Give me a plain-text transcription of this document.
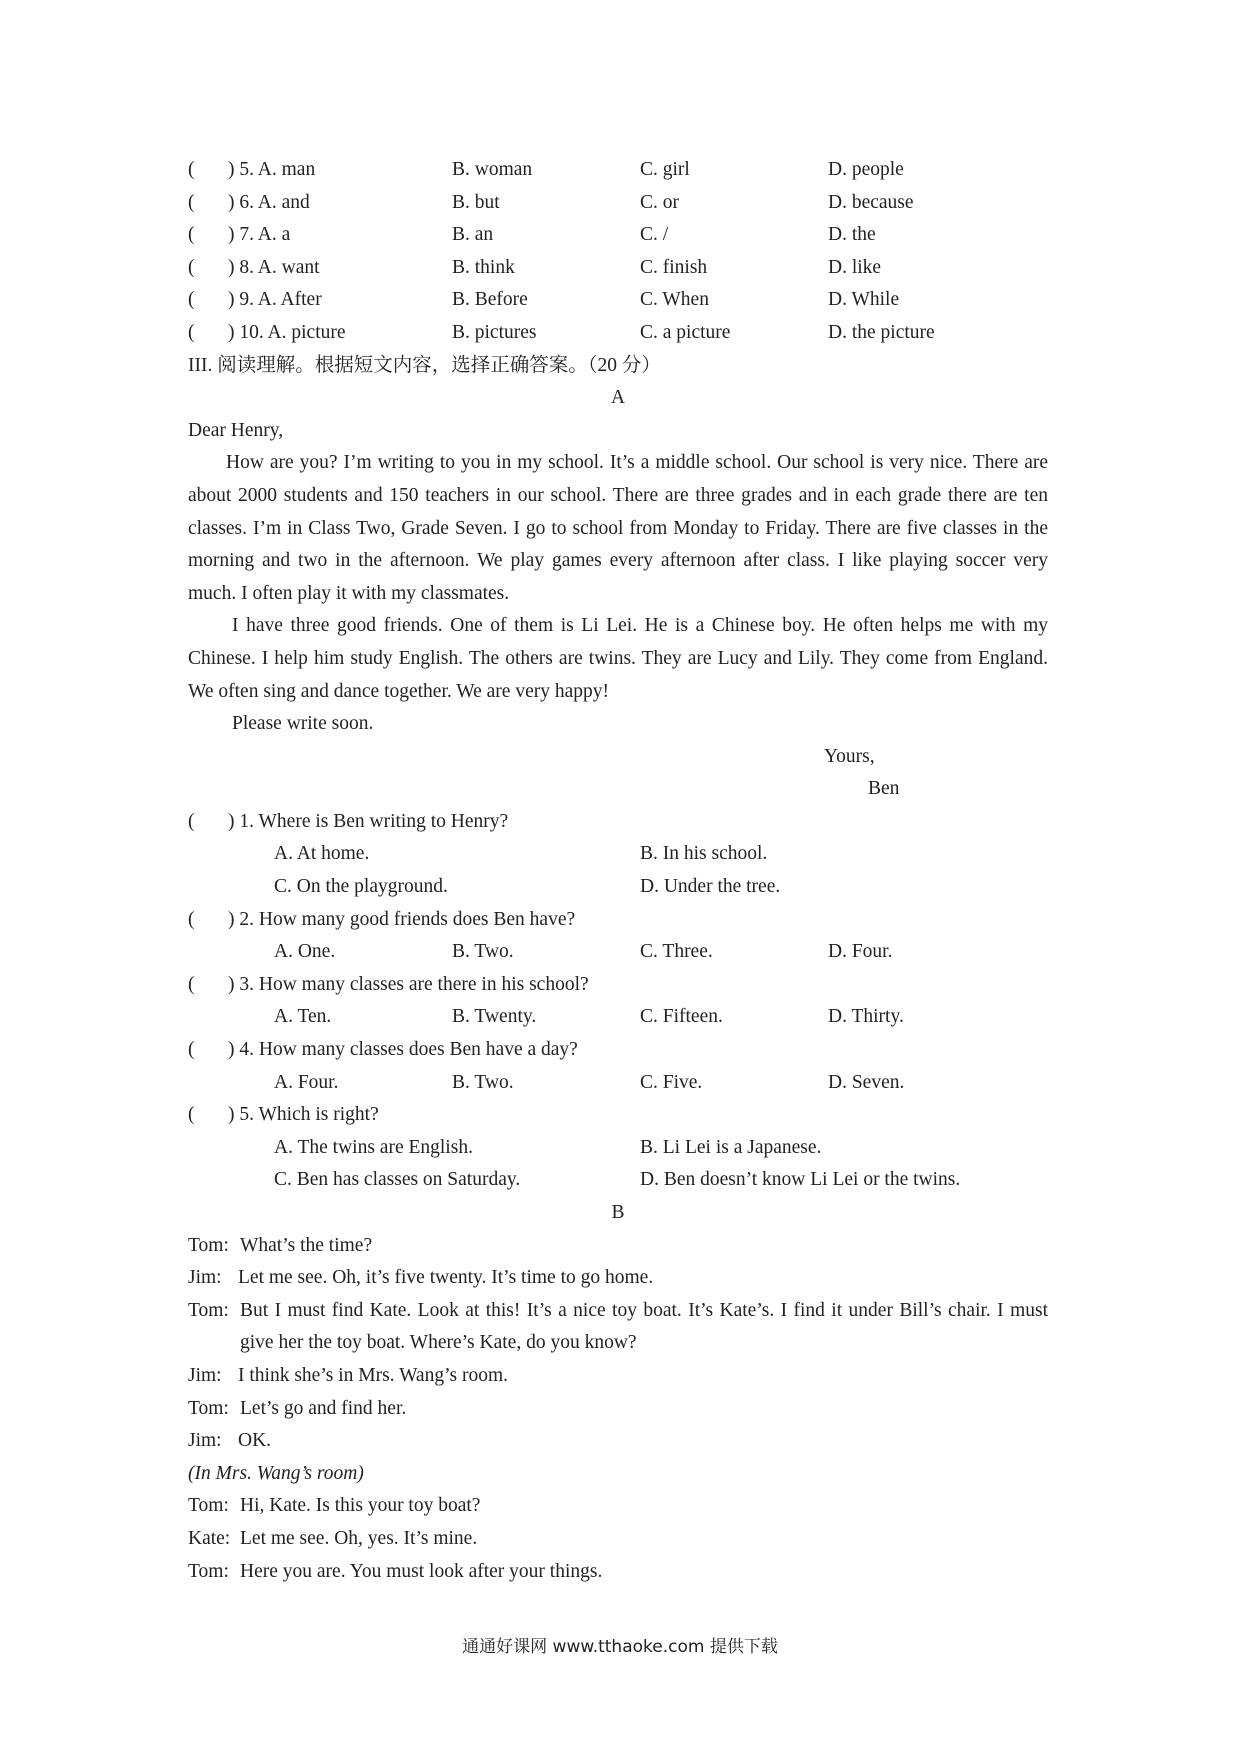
( ) 5. A. man	B. woman	C. girl	D. people
( ) 6. A. and	B. but	C. or	D. because
( ) 7. A. a	B. an	C. /	D. the
( ) 8. A. want	B. think	C. finish	D. like
( ) 9. A. After	B. Before	C. When	D. While
( ) 10. A. picture	B. pictures	C. a picture	D. the picture
III. 阅读理解。根据短文内容，选择正确答案。（20 分）
A
Dear Henry,

How are you? I’m writing to you in my school. It’s a middle school. Our school is very nice. There are about 2000 students and 150 teachers in our school. There are three grades and in each grade there are ten classes. I’m in Class Two, Grade Seven. I go to school from Monday to Friday. There are five classes in the morning and two in the afternoon. We play games every afternoon after class. I like playing soccer very much. I often play it with my classmates.

I have three good friends. One of them is Li Lei. He is a Chinese boy. He often helps me with my Chinese. I help him study English. The others are twins. They are Lucy and Lily. They come from England. We often sing and dance together. We are very happy!

Please write soon.

Yours,
Ben
( ) 1. Where is Ben writing to Henry?
A. At home.	B. In his school.
C. On the playground.	D. Under the tree.
( ) 2. How many good friends does Ben have?
A. One.	B. Two.	C. Three.	D. Four.
( ) 3. How many classes are there in his school?
A. Ten.	B. Twenty.	C. Fifteen.	D. Thirty.
( ) 4. How many classes does Ben have a day?
A. Four.	B. Two.	C. Five.	D. Seven.
( ) 5. Which is right?
A. The twins are English.	B. Li Lei is a Japanese.
C. Ben has classes on Saturday.	D. Ben doesn’t know Li Lei or the twins.
B
Tom: What’s the time?
Jim: Let me see. Oh, it’s five twenty. It’s time to go home.
Tom: But I must find Kate. Look at this! It’s a nice toy boat. It’s Kate’s. I find it under Bill’s chair. I must give her the toy boat. Where’s Kate, do you know?
Jim: I think she’s in Mrs. Wang’s room.
Tom: Let’s go and find her.
Jim: OK.
(In Mrs. Wang’s room)
Tom: Hi, Kate. Is this your toy boat?
Kate: Let me see. Oh, yes. It’s mine.
Tom: Here you are. You must look after your things.
通通好课网 www.tthaoke.com 提供下载
